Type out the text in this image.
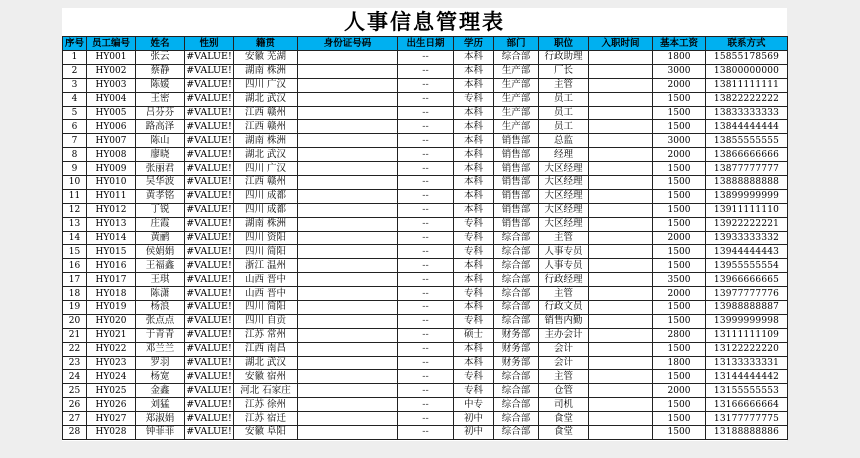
人事信息管理表
序号	员工编号	姓名	性别	籍贯	身份证号码	出生日期	学历	部门	职位	入职时间	基本工资	联系方式
1	HY001	张云	#VALUE!	安徽 芜湖		--	本科	综合部	行政助理		1800	15855178569
2	HY002	蔡静	#VALUE!	湖南 株洲		--	本科	生产部	厂长		3000	13800000000
3	HY003	陈媛	#VALUE!	四川 广汉		--	本科	生产部	主管		2000	13811111111
4	HY004	王密	#VALUE!	湖北 武汉		--	专科	生产部	员工		1500	13822222222
5	HY005	吕芬芬	#VALUE!	江西 赣州		--	本科	生产部	员工		1500	13833333333
6	HY006	路高泽	#VALUE!	江西 赣州		--	本科	生产部	员工		1500	13844444444
7	HY007	陈山	#VALUE!	湖南 株洲		--	本科	销售部	总监		3000	13855555555
8	HY008	廖晓	#VALUE!	湖北 武汉		--	本科	销售部	经理		2000	13866666666
9	HY009	张丽君	#VALUE!	四川 广汉		--	本科	销售部	大区经理		1500	13877777777
10	HY010	吴华波	#VALUE!	江西 赣州		--	本科	销售部	大区经理		1500	13888888888
11	HY011	黄孝铭	#VALUE!	四川 成都		--	本科	销售部	大区经理		1500	13899999999
12	HY012	丁锐	#VALUE!	四川 成都		--	本科	销售部	大区经理		1500	13911111110
13	HY013	庄霞	#VALUE!	湖南 株洲		--	专科	销售部	大区经理		1500	13922222221
14	HY014	黄鹂	#VALUE!	四川 资阳		--	专科	综合部	主管		2000	13933333332
15	HY015	侯娟娟	#VALUE!	四川 简阳		--	专科	综合部	人事专员		1500	13944444443
16	HY016	王福鑫	#VALUE!	浙江 温州		--	本科	综合部	人事专员		1500	13955555554
17	HY017	王琪	#VALUE!	山西 晋中		--	本科	综合部	行政经理		3500	13966666665
18	HY018	陈潇	#VALUE!	山西 晋中		--	专科	综合部	主管		2000	13977777776
19	HY019	杨浪	#VALUE!	四川 简阳		--	本科	综合部	行政文员		1500	13988888887
20	HY020	张点点	#VALUE!	四川 自贡		--	专科	综合部	销售内勤		1500	13999999998
21	HY021	于青青	#VALUE!	江苏 常州		--	硕士	财务部	主办会计		2800	13111111109
22	HY022	邓兰兰	#VALUE!	江西 南昌		--	本科	财务部	会计		1500	13122222220
23	HY023	罗羽	#VALUE!	湖北 武汉		--	本科	财务部	会计		1800	13133333331
24	HY024	杨宽	#VALUE!	安徽 宿州		--	专科	综合部	主管		1500	13144444442
25	HY025	金鑫	#VALUE!	河北 石家庄		--	专科	综合部	仓管		2000	13155555553
26	HY026	刘猛	#VALUE!	江苏 徐州		--	中专	综合部	司机		1500	13166666664
27	HY027	郑淑娟	#VALUE!	江苏 宿迁		--	初中	综合部	食堂		1500	13177777775
28	HY028	钟菲菲	#VALUE!	安徽 阜阳		--	初中	综合部	食堂		1500	13188888886
